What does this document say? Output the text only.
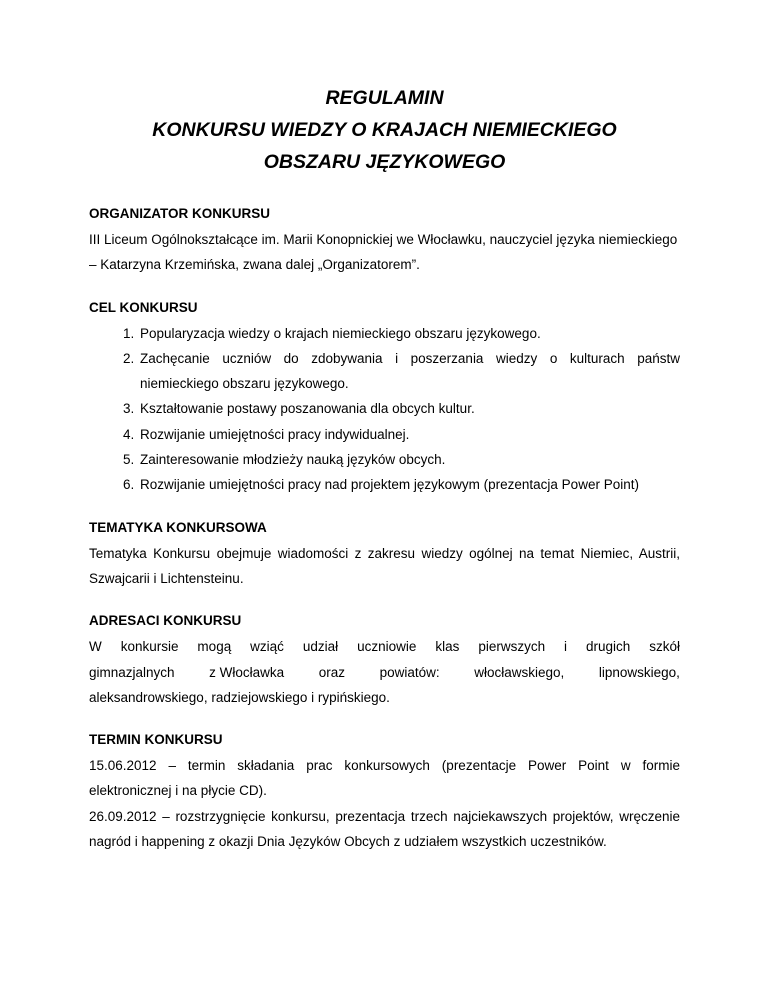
REGULAMIN

KONKURSU WIEDZY O KRAJACH NIEMIECKIEGO

OBSZARU JĘZYKOWEGO

ORGANIZATOR KONKURSU

III Liceum Ogólnokształcące im. Marii Konopnickiej we Włocławku, nauczyciel języka niemieckiego – Katarzyna Krzemińska, zwana dalej „Organizatorem”.

CEL KONKURSU
1. Popularyzacja wiedzy o krajach niemieckiego obszaru językowego.
2. Zachęcanie uczniów do zdobywania i poszerzania wiedzy o kulturach państw niemieckiego obszaru językowego.
3. Kształtowanie postawy poszanowania dla obcych kultur.
4. Rozwijanie umiejętności pracy indywidualnej.
5. Zainteresowanie młodzieży nauką języków obcych.
6. Rozwijanie umiejętności pracy nad projektem językowym (prezentacja Power Point)
TEMATYKA KONKURSOWA

Tematyka Konkursu obejmuje wiadomości z zakresu wiedzy ogólnej na temat Niemiec, Austrii, Szwajcarii i Lichtensteinu.

ADRESACI KONKURSU
W konkursie mogą wziąć udział uczniowie klas pierwszych i drugich szkół
gimnazjalnych	z Włocławka	oraz	powiatów:	włocławskiego,	lipnowskiego,

aleksandrowskiego, radziejowskiego i rypińskiego.

TERMIN KONKURSU

15.06.2012 – termin składania prac konkursowych (prezentacje Power Point w formie elektronicznej i na płycie CD).

26.09.2012 – rozstrzygnięcie konkursu, prezentacja trzech najciekawszych projektów, wręczenie nagród i happening z okazji Dnia Języków Obcych z udziałem wszystkich uczestników.
